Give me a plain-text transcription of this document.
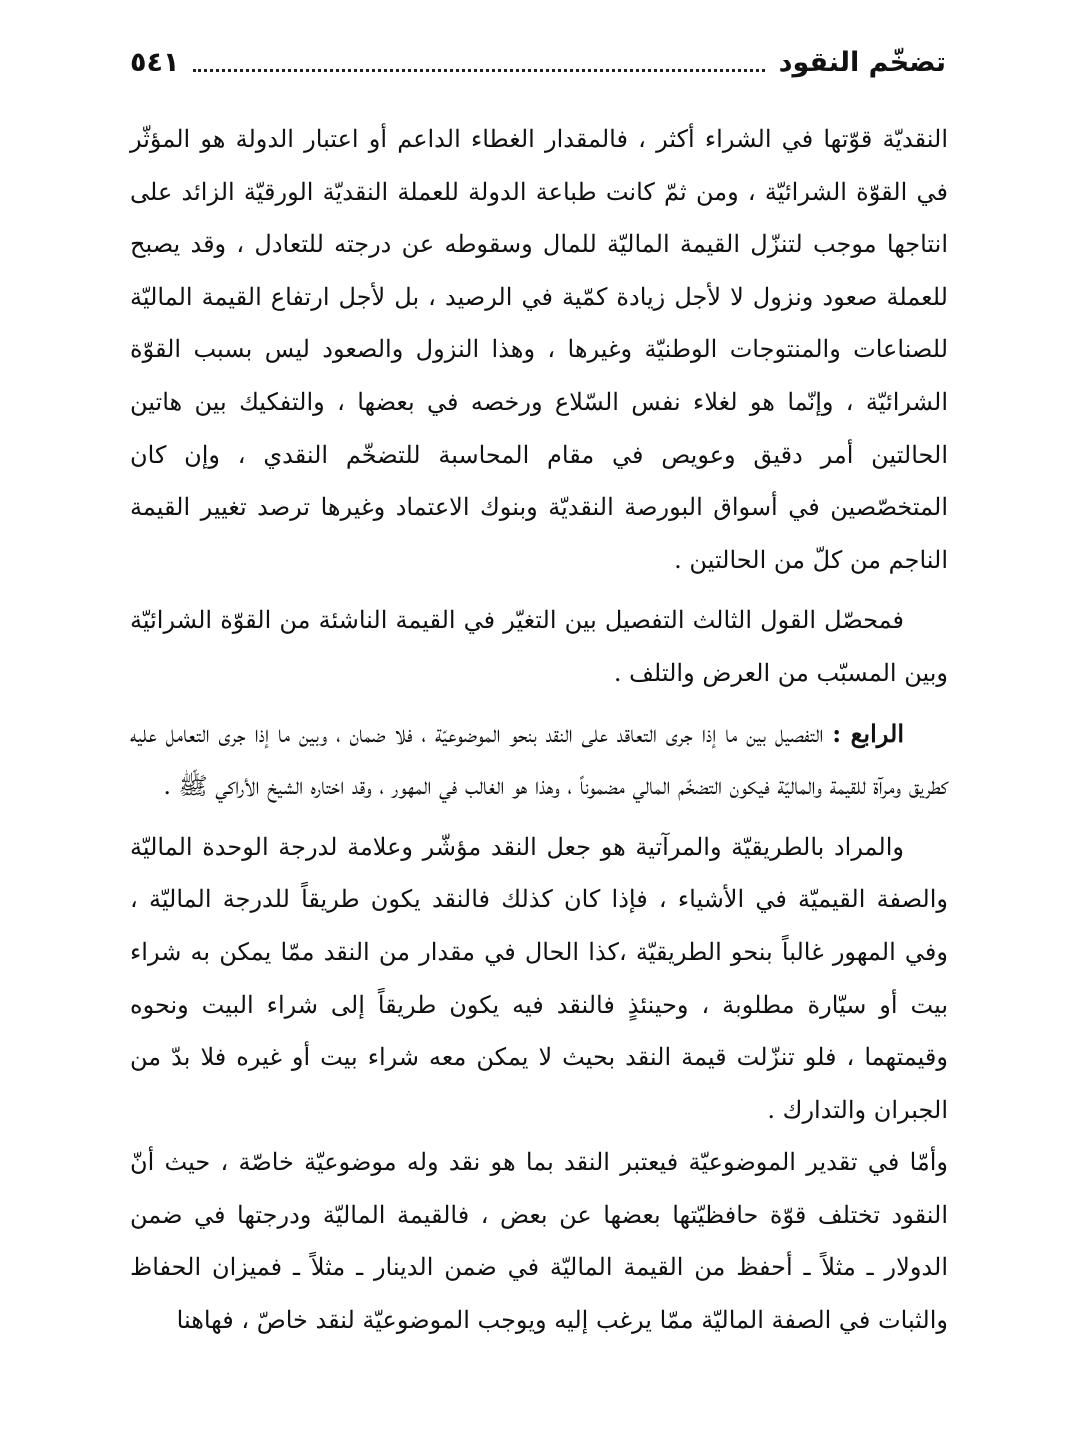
تضخّم النقود
٥٤١

النقديّة قوّتها في الشراء أكثر ، فالمقدار الغطاء الداعم أو اعتبار الدولة هو المؤثّر في القوّة الشرائيّة ، ومن ثمّ كانت طباعة الدولة للعملة النقديّة الورقيّة الزائد على انتاجها موجب لتنزّل القيمة الماليّة للمال وسقوطه عن درجته للتعادل ، وقد يصبح للعملة صعود ونزول لا لأجل زيادة كمّية في الرصيد ، بل لأجل ارتفاع القيمة الماليّة للصناعات والمنتوجات الوطنيّة وغيرها ، وهذا النزول والصعود ليس بسبب القوّة الشرائيّة ، وإنّما هو لغلاء نفس السّلاع ورخصه في بعضها ، والتفكيك بين هاتين الحالتين أمر دقيق وعويص في مقام المحاسبة للتضخّم النقدي ، وإن كان المتخصّصين في أسواق البورصة النقديّة وبنوك الاعتماد وغيرها ترصد تغيير القيمة الناجم من كلّ من الحالتين .

فمحصّل القول الثالث التفصيل بين التغيّر في القيمة الناشئة من القوّة الشرائيّة وبين المسبّب من العرض والتلف .

الرابع : التفصيل بين ما إذا جرى التعاقد على النقد بنحو الموضوعيّة ، فلا ضمان ، وبين ما إذا جرى التعامل عليه كطريق ومرآة للقيمة والماليّة فيكون التضخّم المالي مضموناً ، وهذا هو الغالب في المهور ، وقد اختاره الشيخ الأراكي ﷺ .

والمراد بالطريقيّة والمرآتية هو جعل النقد مؤشّر وعلامة لدرجة الوحدة الماليّة والصفة القيميّة في الأشياء ، فإذا كان كذلك فالنقد يكون طريقاً للدرجة الماليّة ، وفي المهور غالباً بنحو الطريقيّة ،كذا الحال في مقدار من النقد ممّا يمكن به شراء بيت أو سيّارة مطلوبة ، وحينئذٍ فالنقد فيه يكون طريقاً إلى شراء البيت ونحوه وقيمتهما ، فلو تنزّلت قيمة النقد بحيث لا يمكن معه شراء بيت أو غيره فلا بدّ من الجبران والتدارك .

وأمّا في تقدير الموضوعيّة فيعتبر النقد بما هو نقد وله موضوعيّة خاصّة ، حيث أنّ النقود تختلف قوّة حافظيّتها بعضها عن بعض ، فالقيمة الماليّة ودرجتها في ضمن الدولار ـ مثلاً ـ أحفظ من القيمة الماليّة في ضمن الدينار ـ مثلاً ـ فميزان الحفاظ والثبات في الصفة الماليّة ممّا يرغب إليه ويوجب الموضوعيّة لنقد خاصّ ، فهاهنا
